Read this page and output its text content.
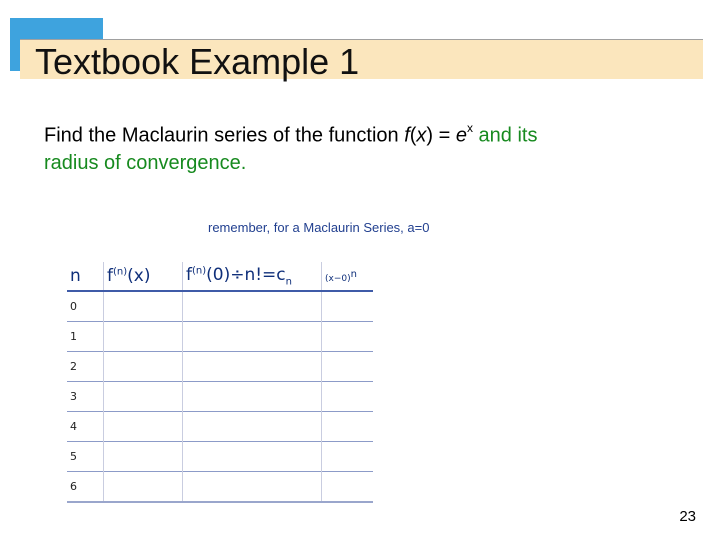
Textbook Example 1
Find the Maclaurin series of the function $f(x) = e^x$ and its
radius of convergence.
remember, for a Maclaurin Series, a=0
n	$f^{(n)}(x)$	$f^{(n)}(0)\div n!=c_n$	$(x-0)^n$
0			
1			
2			
3			
4			
5			
6			
23
